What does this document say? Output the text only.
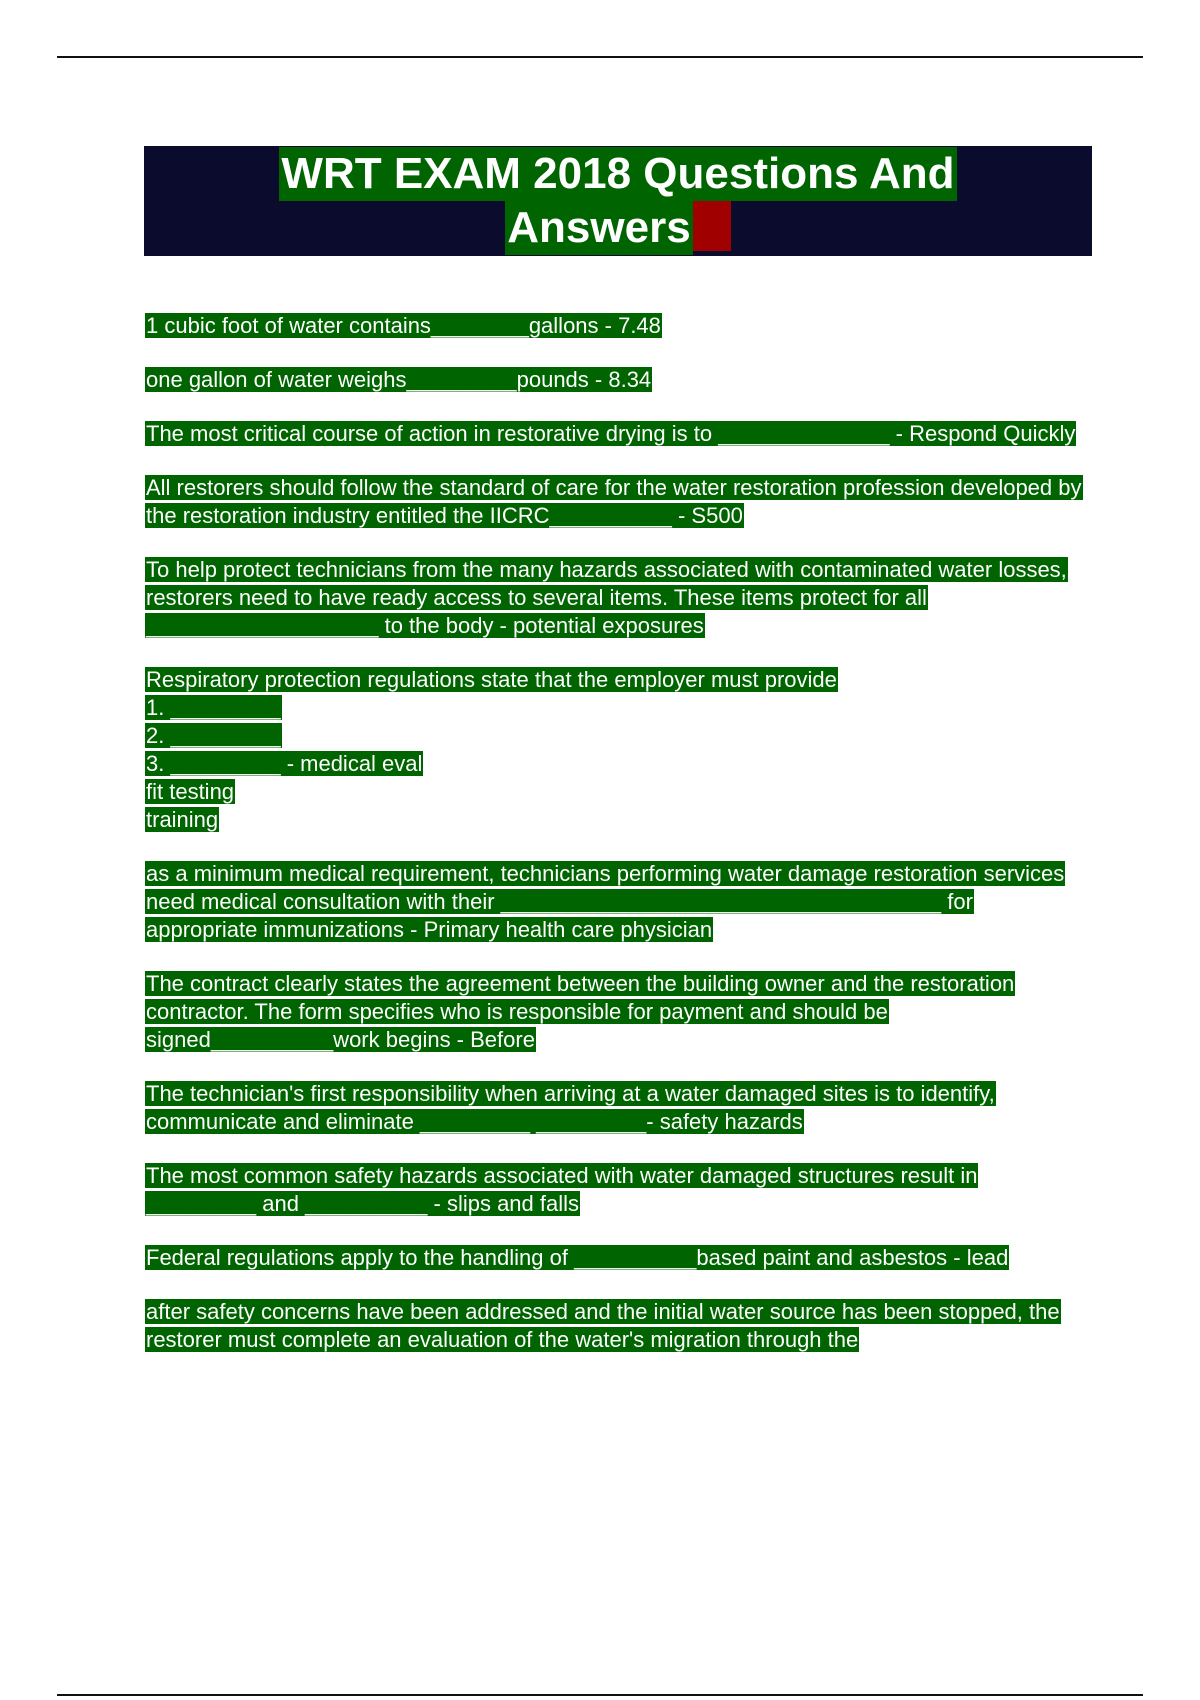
WRT EXAM 2018 Questions And
Answers

1 cubic foot of water contains________gallons - 7.48

one gallon of water weighs_________pounds - 8.34

The most critical course of action in restorative drying is to ______________ - Respond Quickly

All restorers should follow the standard of care for the water restoration profession developed by the restoration industry entitled the IICRC__________ - S500

To help protect technicians from the many hazards associated with contaminated water losses, restorers need to have ready access to several items. These items protect for all ___________________ to the body - potential exposures

Respiratory protection regulations state that the employer must provide
1. _________
2. _________
3. _________ - medical eval
fit testing
training

as a minimum medical requirement, technicians performing water damage restoration services need medical consultation with their ____________________________________ for appropriate immunizations - Primary health care physician

The contract clearly states the agreement between the building owner and the restoration contractor. The form specifies who is responsible for payment and should be signed__________work begins - Before

The technician's first responsibility when arriving at a water damaged sites is to identify, communicate and eliminate _________ _________- safety hazards

The most common safety hazards associated with water damaged structures result in _________ and __________ - slips and falls

Federal regulations apply to the handling of __________based paint and asbestos - lead

after safety concerns have been addressed and the initial water source has been stopped, the restorer must complete an evaluation of the water's migration through the
